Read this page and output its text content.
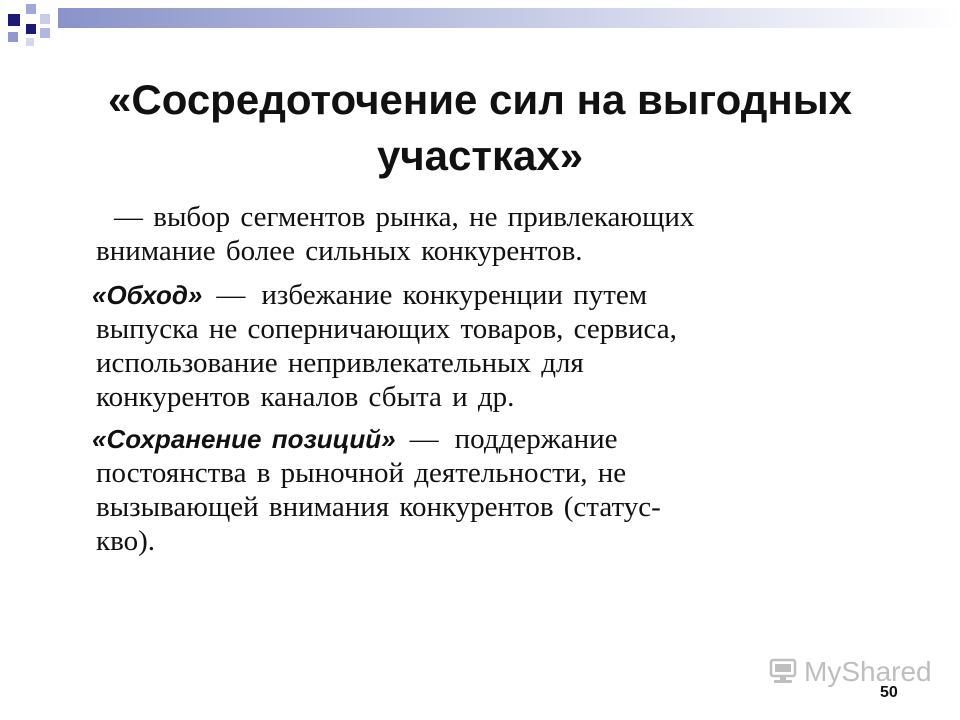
«Сосредоточение сил на выгодных
участках»
— выбор сегментов рынка, не привлекающих
внимание более сильных конкурентов.
«Обход» — избежание конкуренции путем
выпуска не соперничающих товаров, сервиса,
использование непривлекательных для
конкурентов каналов сбыта и др.
«Сохранение позиций» — поддержание
постоянства в рыночной деятельности, не
вызывающей внимания конкурентов (статус-
кво).
MyShared
50
